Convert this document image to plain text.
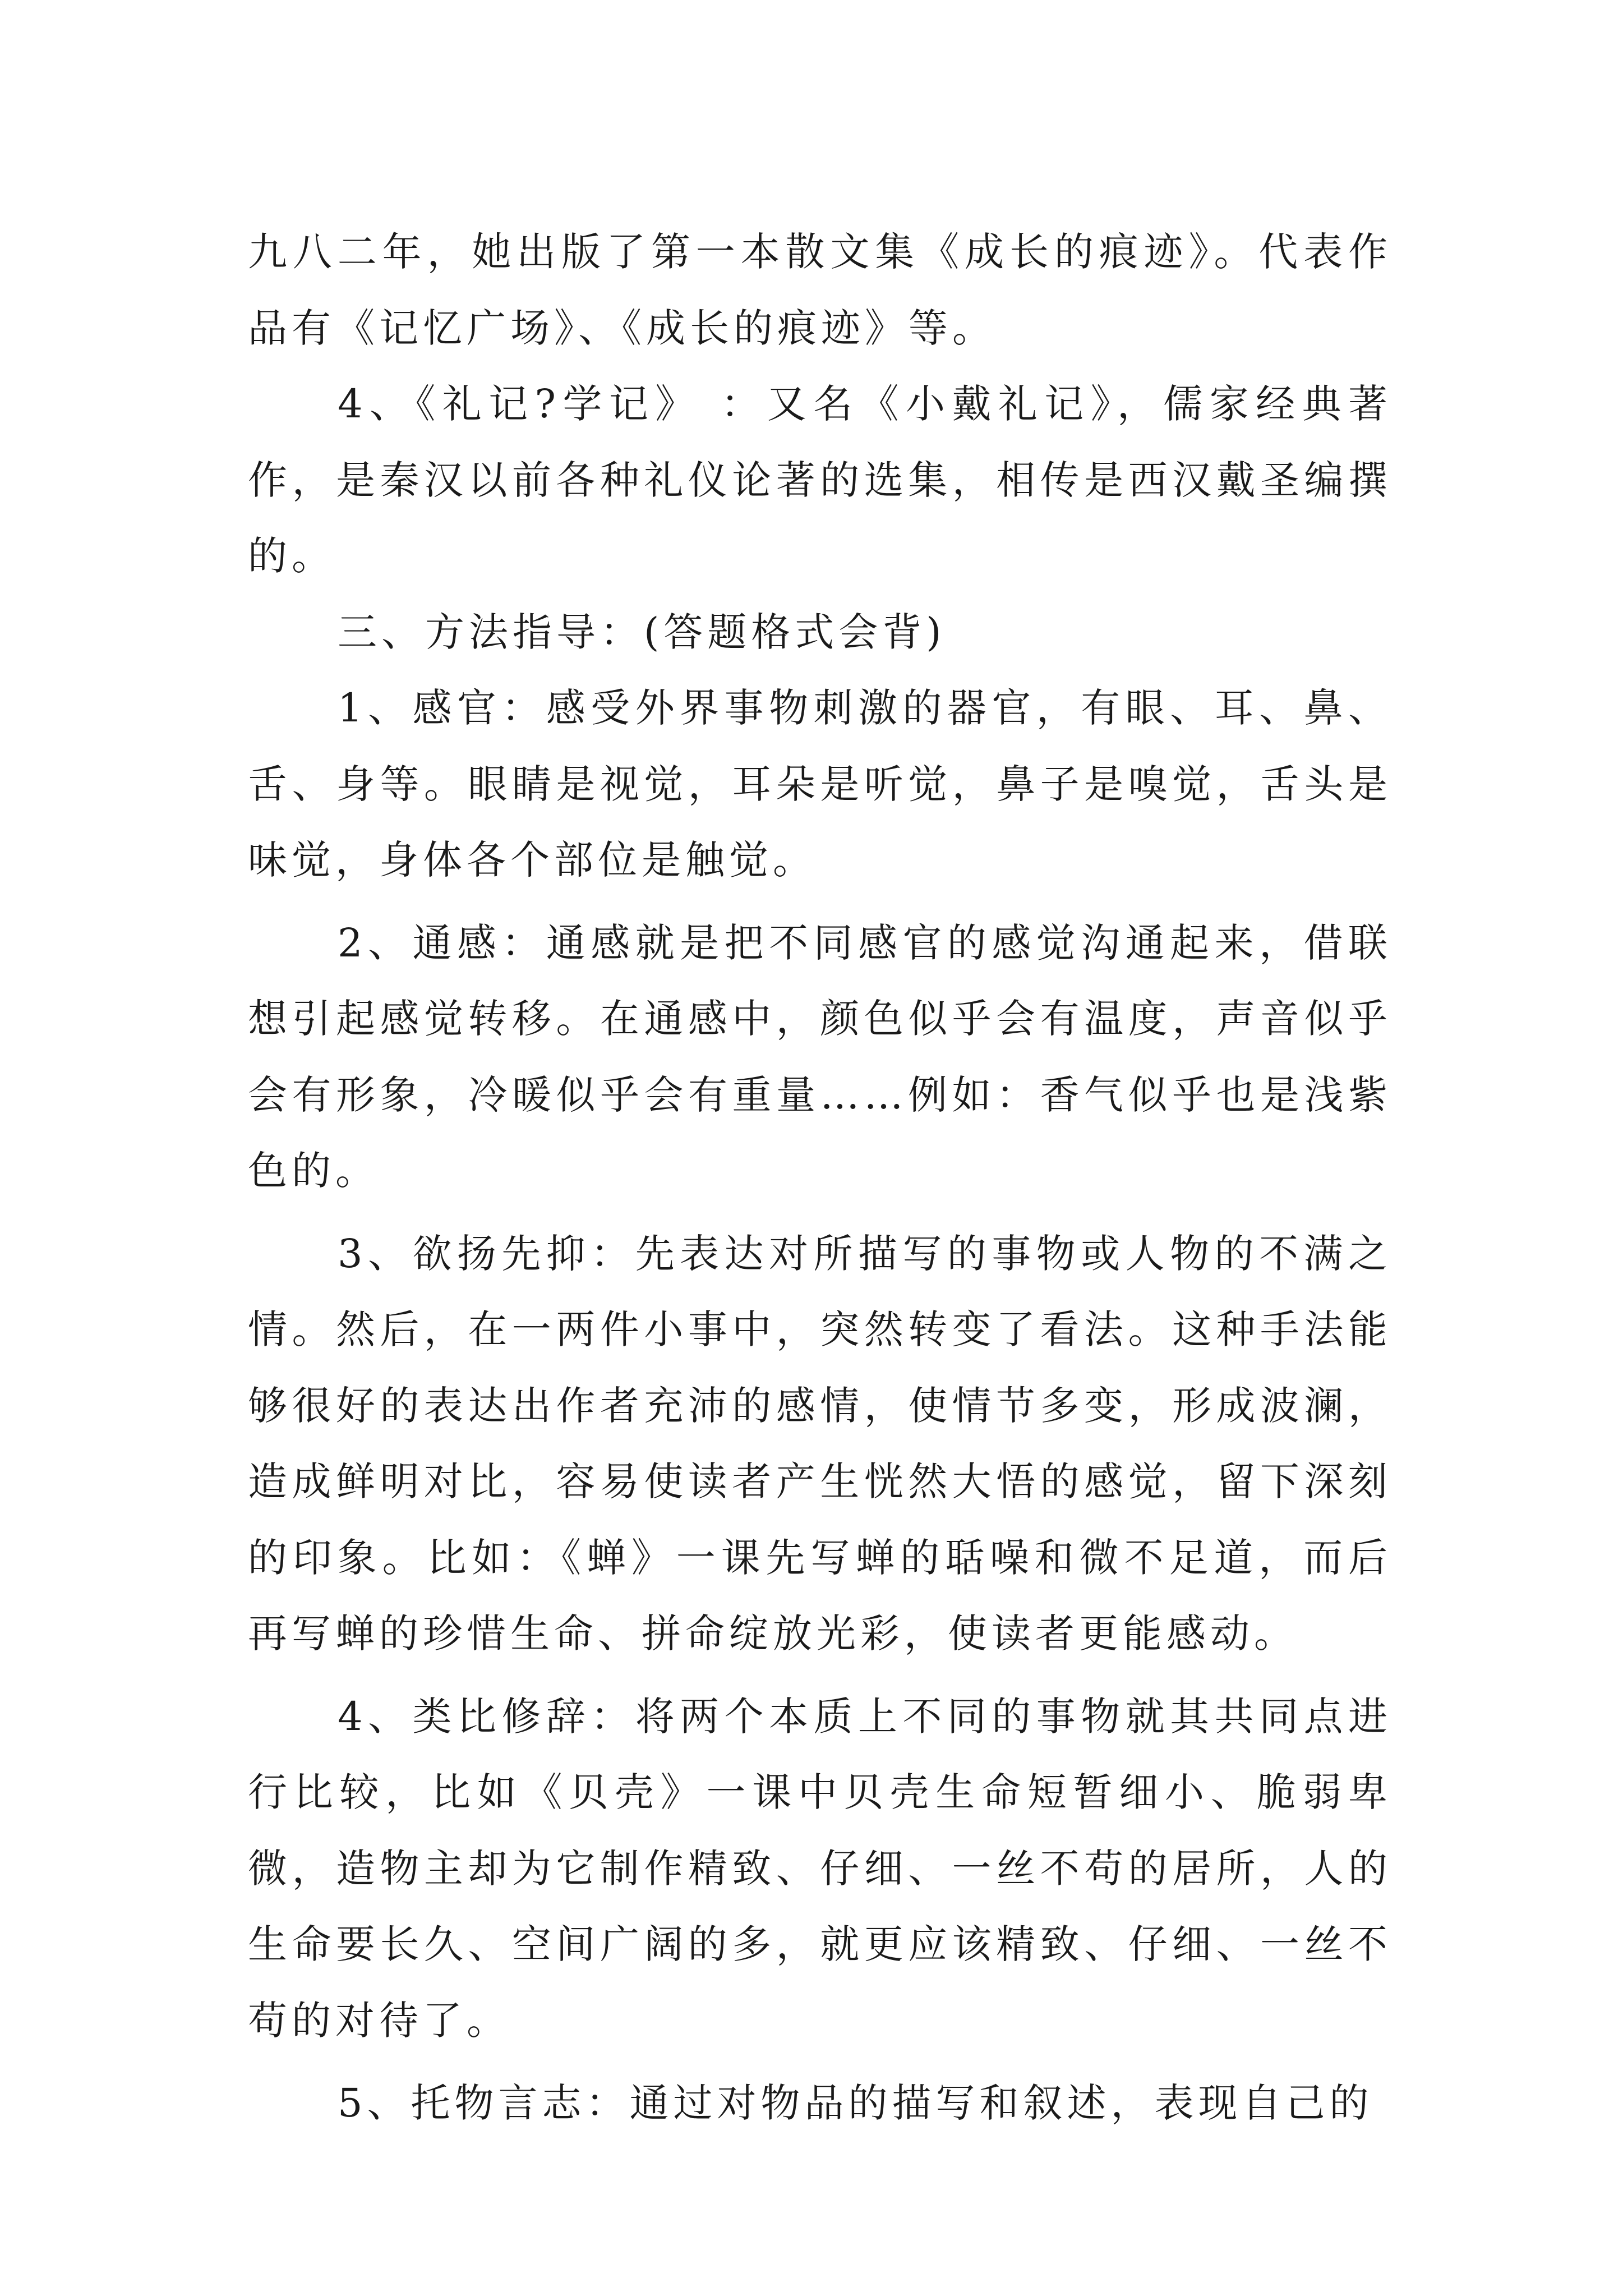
九八二年，她出版了第一本散文集《成长的痕迹》。代表作品有《记忆广场》、《成长的痕迹》等。

4、《礼记?学记》 ：又名《小戴礼记》，儒家经典著作，是秦汉以前各种礼仪论著的选集，相传是西汉戴圣编撰的。

三、方法指导：(答题格式会背)

1、感官：感受外界事物刺激的器官，有眼、耳、鼻、舌、身等。眼睛是视觉，耳朵是听觉，鼻子是嗅觉，舌头是味觉，身体各个部位是触觉。

2、通感：通感就是把不同感官的感觉沟通起来，借联想引起感觉转移。在通感中，颜色似乎会有温度，声音似乎会有形象，冷暖似乎会有重量……例如：香气似乎也是浅紫色的。

3、欲扬先抑：先表达对所描写的事物或人物的不满之情。然后，在一两件小事中，突然转变了看法。这种手法能够很好的表达出作者充沛的感情，使情节多变，形成波澜，造成鲜明对比，容易使读者产生恍然大悟的感觉，留下深刻的印象。比如：《蝉》一课先写蝉的聒噪和微不足道，而后再写蝉的珍惜生命、拼命绽放光彩，使读者更能感动。

4、类比修辞：将两个本质上不同的事物就其共同点进行比较，比如《贝壳》一课中贝壳生命短暂细小、脆弱卑微，造物主却为它制作精致、仔细、一丝不苟的居所，人的生命要长久、空间广阔的多，就更应该精致、仔细、一丝不苟的对待了。

5、托物言志：通过对物品的描写和叙述，表现自己的
